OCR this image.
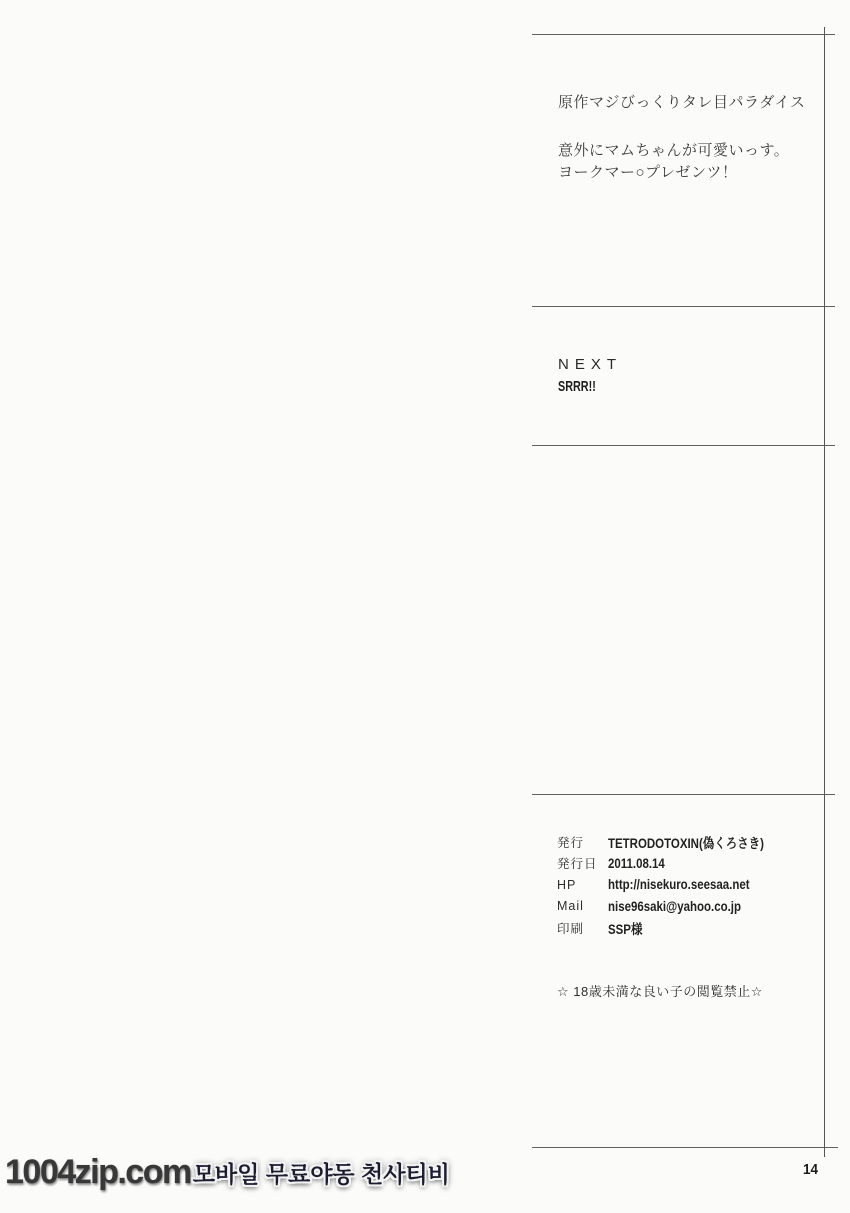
原作マジびっくりタレ目パラダイス
意外にマムちゃんが可愛いっす。
ヨークマー○プレゼンツ！
NEXT
SRRR!!
発行	TETRODOTOXIN(偽くろさき)
発行日 2011.08.14
HP	http://nisekuro.seesaa.net
Mail	nise96saki@yahoo.co.jp
印刷	SSP様
☆ 18歳未満な良い子の閲覧禁止☆
14
1004zip.com 모바일 무료야동 천사티비
